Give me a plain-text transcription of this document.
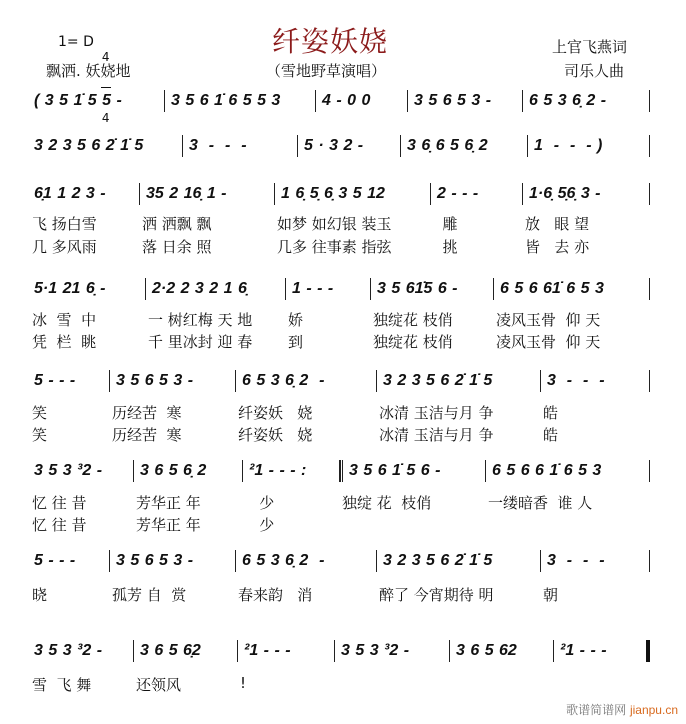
纤姿妖娆
（雪地野草演唱）
1= D

4

4

飘洒. 妖娆地
上官飞燕词
司乐人曲
( 3 5 1̇ 5 5 -	3 5 6 1̇ 6 5 5 3	4 - 0 0	3 5 6 5 3 -	6 5 3 6̣ 2 -
3 2 3 5 6 2̇ 1̇ 5	3  -  -  -	5 · 3 2 -	3 6̣ 6 5 6̣ 2	1  -  -  - )
6̣1 1 2 3 -	35 2 16̣ 1 -	1 6̣ 5̣ 6̣ 3 5 12	2 - - -	1·6̣ 5̣6̣ 3 -
飞 扬白雪	洒 洒飘 飘	如梦 如幻银 装玉	雕	放   眼 望
几 多风雨	落 日余 照	几多 往事素 指弦	挑	皆   去 亦
5·1 21 6̣ -	2·2 2 3 2 1 6̣	1 - - -	3 5 61̇5 6 -	6 5 6 61̇ 6 5 3
冰  雪  中	一 树红梅 天 地	娇	独绽花 枝俏	凌风玉骨  仰 天
凭  栏  眺	千 里冰封 迎 春	到	独绽花 枝俏	凌风玉骨  仰 天
5 - - -	3 5 6 5 3 -	6 5 3 6̣ 2  -	3 2 3 5 6 2̇ 1̇ 5	3  -  -  -
笑	历经苦  寒	纤姿妖   娆	冰清 玉洁与月 争	皓
笑	历经苦  寒	纤姿妖   娆	冰清 玉洁与月 争	皓
3 5 3 ³2 -	3 6 5 6̣ 2	²1 - - - :	3 5 6 1̇ 5 6 -	6 5 6 6 1̇ 6 5 3
忆 往 昔	芳华正 年	少	独绽 花  枝俏	一缕暗香  谁 人
忆 往 昔	芳华正 年	少
5 - - -	3 5 6 5 3 -	6 5 3 6̣ 2  -	3 2 3 5 6 2̇ 1̇ 5	3  -  -  -
晓	孤芳 自  赏	春来韵   消	醉了 今宵期待 明	朝
3 5 3 ³2 -	3 6 5 6̣2	²1 - - -	3 5 3 ³2 -	3 6 5 62	²1 - - -
雪  飞 舞	还领风	!
歌谱简谱网 jianpu.cn
